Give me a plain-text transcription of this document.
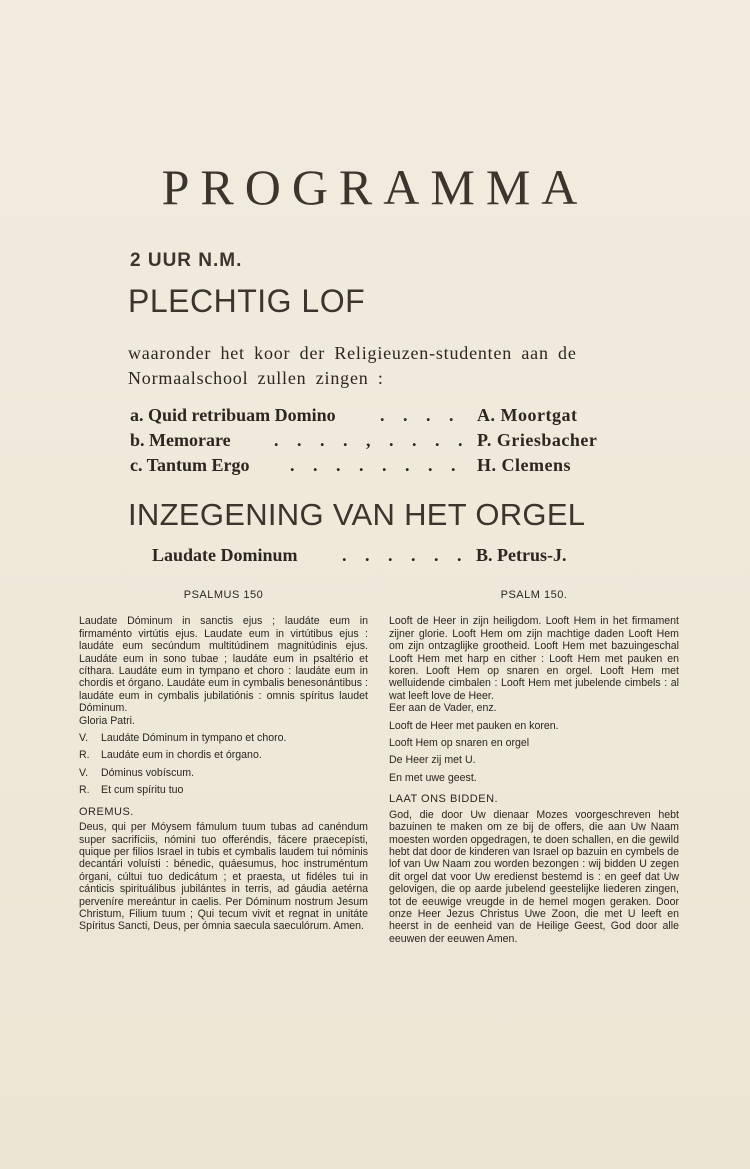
PROGRAMMA
2 UUR N.M.
PLECHTIG LOF
waaronder het koor der Religieuzen-studenten aan de Normaalschool zullen zingen :
a. Quid retribuam Domino . . . . A. Moortgat
b. Memorare . . . . , . . . . P. Griesbacher
c. Tantum Ergo . . . . . . . . H. Clemens
INZEGENING VAN HET ORGEL
Laudate Dominum . . . . . . B. Petrus-J.
PSALMUS 150

Laudate Dóminum in sanctis ejus ; laudáte eum in firmaménto virtútis ejus. Laudate eum in virtútibus ejus : laudáte eum secúndum multitúdinem magnitúdinis ejus. Laudáte eum in sono tubae ; laudáte eum in psaltério et cíthara. Laudáte eum in tympano et choro : laudáte eum in chordis et órgano. Laudáte eum in cymbalis benesonántibus : laudáte eum in cymbalis jubilatiónis : omnis spíritus laudet Dóminum.

Gloria Patri.
V. Laudáte Dóminum in tympano et choro.
R. Laudáte eum in chordis et órgano.
V. Dóminus vobíscum.
R. Et cum spíritu tuo
OREMUS.

Deus, qui per Móysem fámulum tuum tubas ad canéndum super sacrifíciis, nómini tuo offeréndis, fácere praecepísti, quique per filios Israel in tubis et cymbalis laudem tui nóminis decantári voluísti : bénedic, quáesumus, hoc instruméntum órgani, cúltui tuo dedicátum ; et praesta, ut fidéles tui in cánticis spirituálibus jubilántes in terris, ad gáudia aetérna perveníre mereántur in caelis. Per Dóminum nostrum Jesum Christum, Filium tuum ; Qui tecum vivit et regnat in unitáte Spíritus Sancti, Deus, per ómnia saecula saeculórum. Amen.

PSALM 150.

Looft de Heer in zijn heiligdom. Looft Hem in het firmament zijner glorie. Looft Hem om zijn machtige daden Looft Hem om zijn ontzaglijke grootheid. Looft Hem met bazuingeschal Looft Hem met harp en cither : Looft Hem met pauken en koren. Looft Hem op snaren en orgel. Looft Hem met welluidende cimbalen : Looft Hem met jubelende cimbels : al wat leeft love de Heer.

Eer aan de Vader, enz.
Looft de Heer met pauken en koren.
Looft Hem op snaren en orgel
De Heer zij met U.
En met uwe geest.
LAAT ONS BIDDEN.

God, die door Uw dienaar Mozes voorgeschreven hebt bazuinen te maken om ze bij de offers, die aan Uw Naam moesten worden opgedragen, te doen schallen, en die gewild hebt dat door de kinderen van Israel op bazuin en cymbels de lof van Uw Naam zou worden bezongen : wij bidden U zegen dit orgel dat voor Uw eredienst bestemd is : en geef dat Uw gelovigen, die op aarde jubelend geestelijke liederen zingen, tot de eeuwige vreugde in de hemel mogen geraken. Door onze Heer Jezus Christus Uwe Zoon, die met U leeft en heerst in de eenheid van de Heilige Geest, God door alle eeuwen der eeuwen Amen.
